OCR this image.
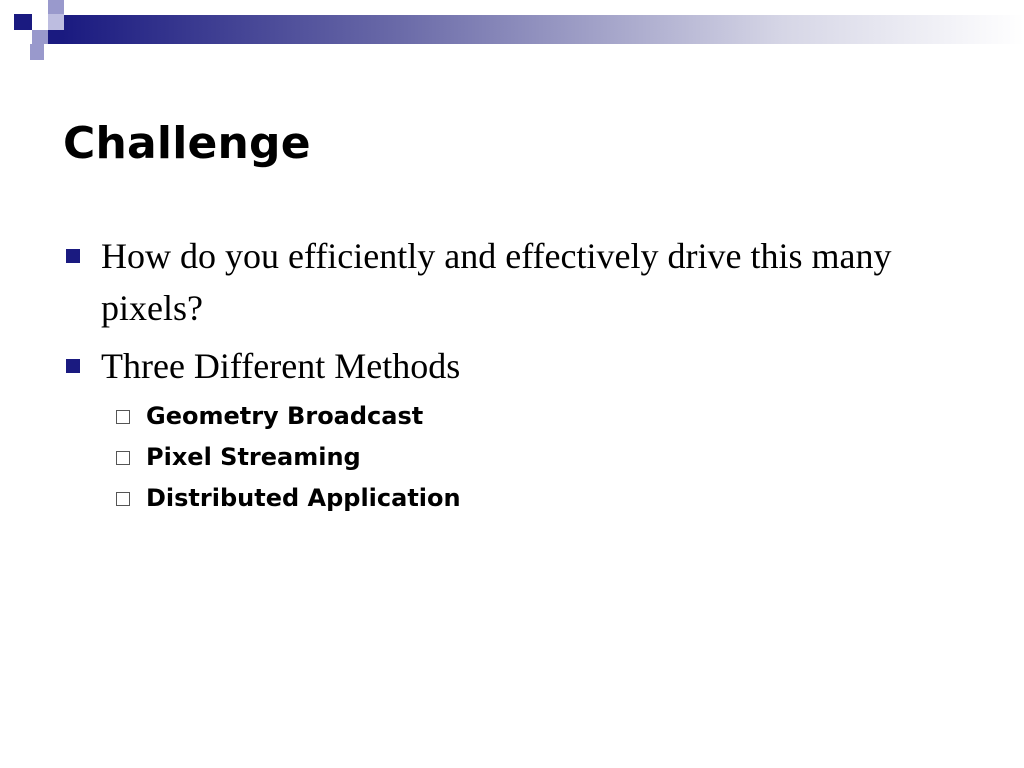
Challenge
How do you efficiently and effectively drive this many pixels?
Three Different Methods
Geometry Broadcast
Pixel Streaming
Distributed Application
